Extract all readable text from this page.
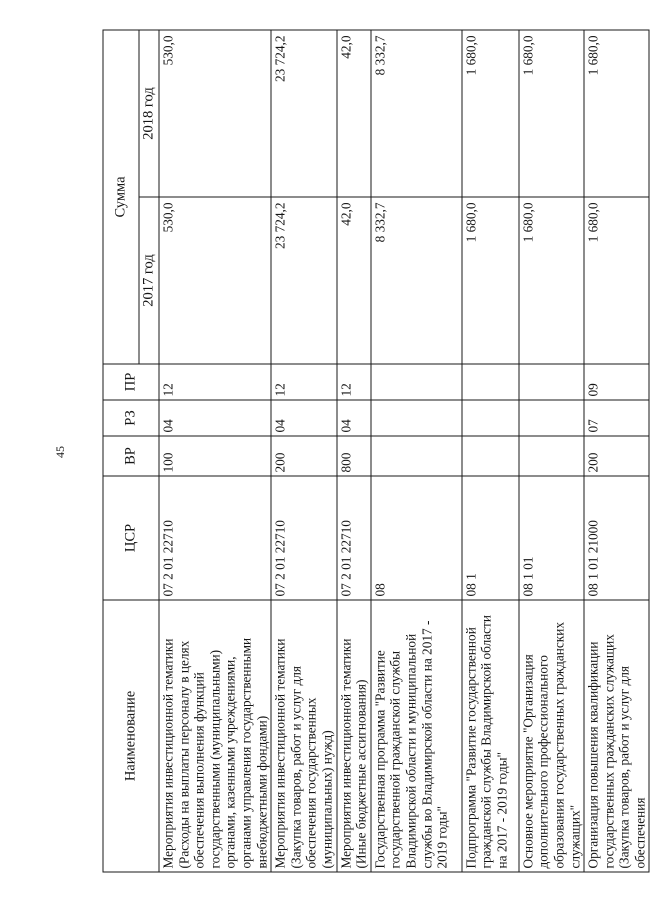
45
Наименование	ЦСР	ВР	РЗ	ПР	Сумма	
					2017 год	2018 год
Мероприятия инвестиционной тематики (Расходы на выплаты персоналу в целях обеспечения выполнения функций государственными (муниципальными) органами, казенными учреждениями, органами управления государственными внебюджетными фондами)	07 2 01 22710	100	04	12	530,0	530,0
Мероприятия инвестиционной тематики (Закупка товаров, работ и услуг для обеспечения государственных (муниципальных) нужд)	07 2 01 22710	200	04	12	23 724,2	23 724,2
Мероприятия инвестиционной тематики (Иные бюджетные ассигнования)	07 2 01 22710	800	04	12	42,0	42,0
Государственная программа "Развитие государственной гражданской службы Владимирской области и муниципальной службы во Владимирской области на 2017 - 2019 годы"	08				8 332,7	8 332,7
Подпрограмма "Развитие государственной гражданской службы Владимирской области на 2017 - 2019 годы"	08 1				1 680,0	1 680,0
Основное мероприятие "Организация дополнительного профессионального образования государственных гражданских служащих"	08 1 01				1 680,0	1 680,0
Организация повышения квалификации государственных гражданских служащих (Закупка товаров, работ и услуг для обеспечения	08 1 01 21000	200	07	09	1 680,0	1 680,0
